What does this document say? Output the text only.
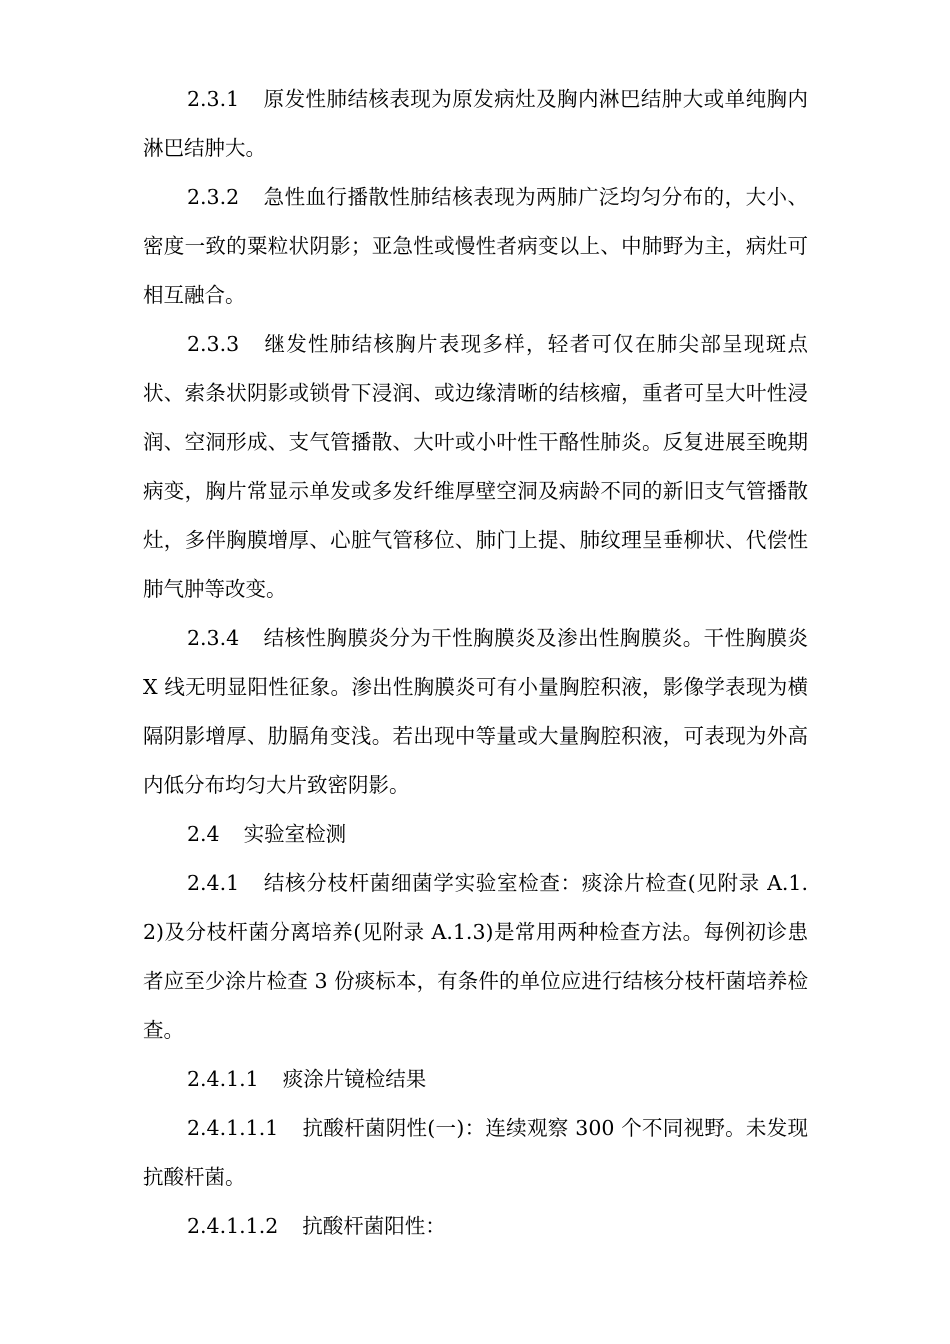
2.3.1 原发性肺结核表现为原发病灶及胸内淋巴结肿大或单纯胸内淋巴结肿大。

2.3.2 急性血行播散性肺结核表现为两肺广泛均匀分布的，大小、密度一致的粟粒状阴影；亚急性或慢性者病变以上、中肺野为主，病灶可相互融合。

2.3.3 继发性肺结核胸片表现多样，轻者可仅在肺尖部呈现斑点状、索条状阴影或锁骨下浸润、或边缘清晰的结核瘤，重者可呈大叶性浸润、空洞形成、支气管播散、大叶或小叶性干酪性肺炎。反复进展至晚期病变，胸片常显示单发或多发纤维厚壁空洞及病龄不同的新旧支气管播散灶，多伴胸膜增厚、心脏气管移位、肺门上提、肺纹理呈垂柳状、代偿性肺气肿等改变。

2.3.4 结核性胸膜炎分为干性胸膜炎及渗出性胸膜炎。干性胸膜炎 X 线无明显阳性征象。渗出性胸膜炎可有小量胸腔积液，影像学表现为横隔阴影增厚、肋膈角变浅。若出现中等量或大量胸腔积液，可表现为外高内低分布均匀大片致密阴影。

2.4 实验室检测

2.4.1 结核分枝杆菌细菌学实验室检查：痰涂片检查(见附录 A.1.2)及分枝杆菌分离培养(见附录 A.1.3)是常用两种检查方法。每例初诊患者应至少涂片检查 3 份痰标本，有条件的单位应进行结核分枝杆菌培养检查。

2.4.1.1 痰涂片镜检结果

2.4.1.1.1 抗酸杆菌阴性(一)：连续观察 300 个不同视野。未发现抗酸杆菌。

2.4.1.1.2 抗酸杆菌阳性：
